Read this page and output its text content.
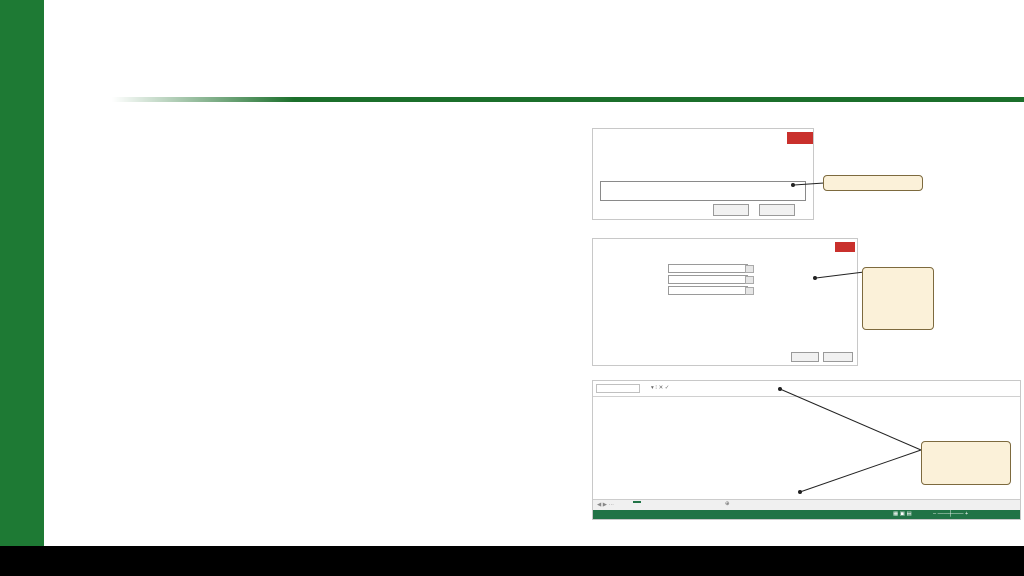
▾ ⁝ ✕ ✓
◀ ▶ ···	⊕
▦ ▣ ▤	– ——┼—— +
